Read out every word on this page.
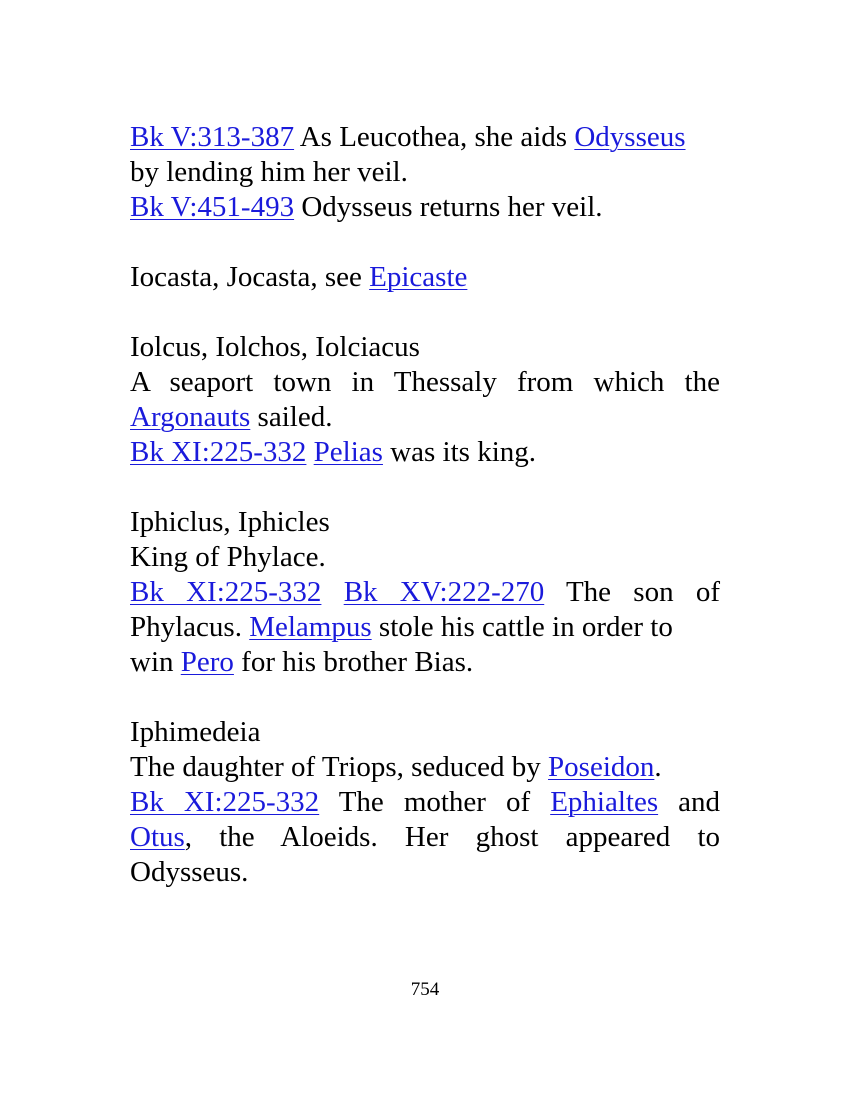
Bk V:313-387 As Leucothea, she aids Odysseus
by lending him her veil.
Bk V:451-493 Odysseus returns her veil.
Iocasta, Jocasta, see Epicaste
Iolcus, Iolchos, Iolciacus
A seaport town in Thessaly from which the
Argonauts sailed.
Bk XI:225-332 Pelias was its king.
Iphiclus, Iphicles
King of Phylace.
Bk XI:225-332 Bk XV:222-270 The son of
Phylacus. Melampus stole his cattle in order to
win Pero for his brother Bias.
Iphimedeia
The daughter of Triops, seduced by Poseidon.
Bk XI:225-332 The mother of Ephialtes and
Otus, the Aloeids. Her ghost appeared to
Odysseus.
754
